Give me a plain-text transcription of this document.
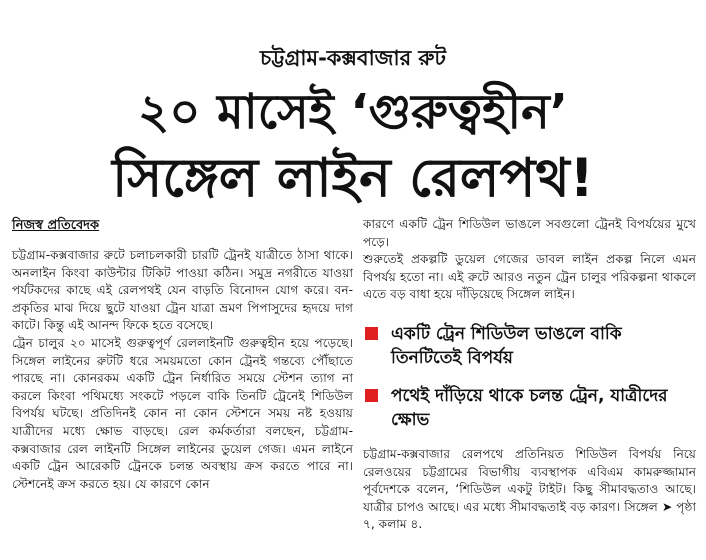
চট্টগ্রাম-কক্সবাজার রুট
২০ মাসেই ‘গুরুত্বহীন’
সিঙ্গেল লাইন রেলপথ!
নিজস্ব প্রতিবেদক

চট্টগ্রাম-কক্সবাজার রুটে চলাচলকারী চারটি ট্রেনই যাত্রীতে ঠাসা থাকে। অনলাইন কিংবা কাউন্টার টিকিট পাওয়া কঠিন। সমুদ্র নগরীতে যাওয়া পর্যটকদের কাছে এই রেলপথই যেন বাড়তি বিনোদন যোগ করে। বন-প্রকৃতির মাঝ দিয়ে ছুটে যাওয়া ট্রেন যাত্রা ভ্রমণ পিপাসুদের হৃদয়ে দাগ কাটে। কিন্তু এই আনন্দ ফিকে হতে বসেছে।

ট্রেন চালুর ২০ মাসেই গুরুত্বপূর্ণ রেললাইনটি গুরুত্বহীন হয়ে পড়েছে। সিঙ্গেল লাইনের রুটটি ধরে সময়মতো কোন ট্রেনই গন্তব্যে পৌঁছাতে পারছে না। কোনরকম একটি ট্রেন নির্ধারিত সময়ে স্টেশন ত্যাগ না করলে কিংবা পথিমধ্যে সংকটে পড়লে বাকি তিনটি ট্রেনেই শিডিউল বিপর্যয় ঘটছে। প্রতিদিনই কোন না কোন স্টেশনে সময় নষ্ট হওয়ায় যাত্রীদের মধ্যে ক্ষোভ বাড়ছে। রেল কর্মকর্তারা বলছেন, চট্টগ্রাম-কক্সবাজার রেল লাইনটি সিঙ্গেল লাইনের ডুয়েল গেজ। এমন লাইনে একটি ট্রেন আরেকটি ট্রেনকে চলন্ত অবস্থায় ক্রস করতে পারে না। স্টেশনেই ক্রস করতে হয়। যে কারণে কোন

কারণে একটি ট্রেন শিডিউল ভাঙলে সবগুলো ট্রেনই বিপর্যয়ের মুখে পড়ে।

শুরুতেই প্রকল্পটি ডুয়েল গেজের ডাবল লাইন প্রকল্প নিলে এমন বিপর্যয় হতো না। এই রুটে আরও নতুন ট্রেন চালুর পরিকল্পনা থাকলে এতে বড় বাধা হয়ে দাঁড়িয়েছে সিঙ্গেল লাইন।

একটি ট্রেন শিডিউল ভাঙলে বাকি তিনটিতেই বিপর্যয়
পথেই দাঁড়িয়ে থাকে চলন্ত ট্রেন, যাত্রীদের ক্ষোভ

চট্টগ্রাম-কক্সবাজার রেলপথে প্রতিনিয়ত শিডিউল বিপর্যয় নিয়ে রেলওয়ের চট্টগ্রামের বিভাগীয় ব্যবস্থাপক এবিএম কামরুজ্জামান পূর্বদেশকে বলেন, ‘শিডিউল একটু টাইট। কিছু সীমাবদ্ধতাও আছে। যাত্রীর চাপও আছে। এর মধ্যে সীমাবদ্ধতাই বড় কারণ। সিঙ্গেল ➤ পৃষ্ঠা ৭, কলাম ৪.
